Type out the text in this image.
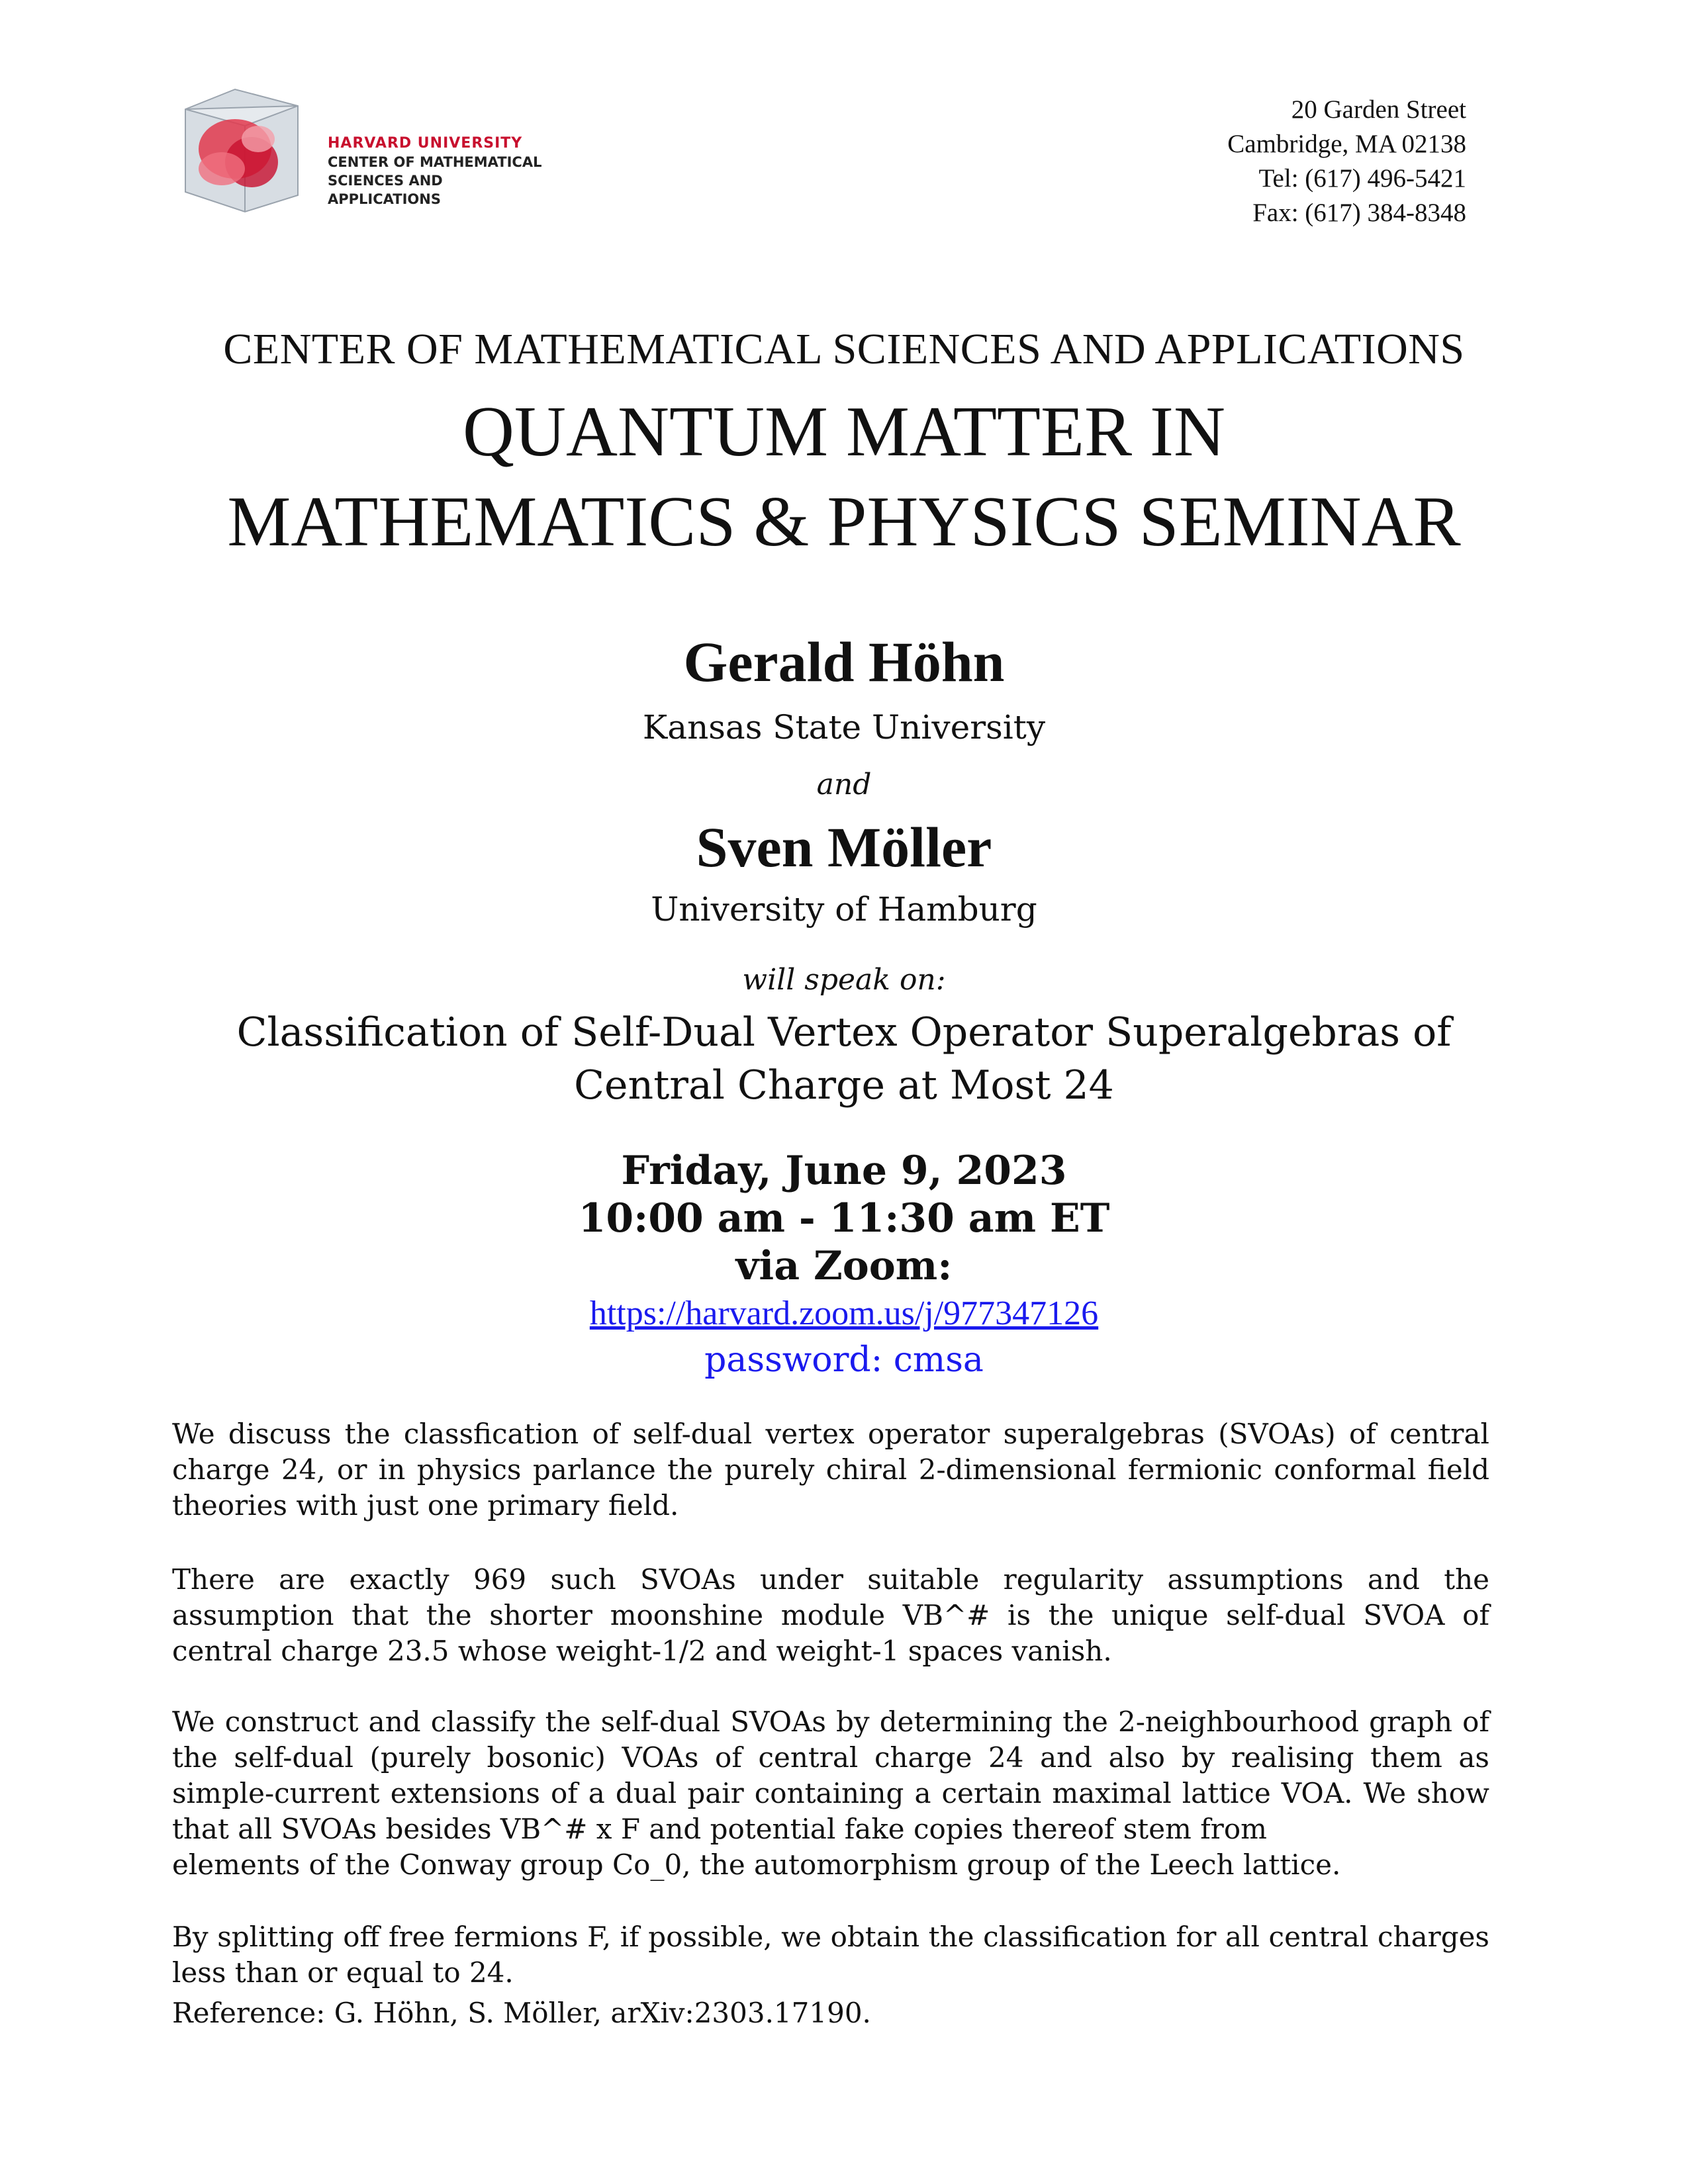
HARVARD UNIVERSITY
CENTER OF MATHEMATICAL
SCIENCES AND APPLICATIONS
20 Garden Street
Cambridge, MA 02138
Tel: (617) 496-5421
Fax: (617) 384-8348
CENTER OF MATHEMATICAL SCIENCES AND APPLICATIONS
QUANTUM MATTER IN
MATHEMATICS & PHYSICS SEMINAR
Gerald Höhn
Kansas State University
and
Sven Möller
University of Hamburg
will speak on:
Classification of Self-Dual Vertex Operator Superalgebras of
Central Charge at Most 24
Friday, June 9, 2023
10:00 am - 11:30 am ET
via Zoom:
https://harvard.zoom.us/j/977347126
password: cmsa
We discuss the classfication of self-dual vertex operator superalgebras (SVOAs) of central charge 24, or in physics parlance the purely chiral 2-dimensional fermionic conformal field theories with just one primary field.
There are exactly 969 such SVOAs under suitable regularity assumptions and the assumption that the shorter moonshine module VB^# is the unique self-dual SVOA of central charge 23.5 whose weight-1/2 and weight-1 spaces vanish.
We construct and classify the self-dual SVOAs by determining the 2-neighbourhood graph of the self-dual (purely bosonic) VOAs of central charge 24 and also by realising them as simple-current extensions of a dual pair containing a certain maximal lattice VOA. We show that all SVOAs besides VB^# x F and potential fake copies thereof stem from
elements of the Conway group Co_0, the automorphism group of the Leech lattice.
By splitting off free fermions F, if possible, we obtain the classification for all central charges less than or equal to 24.
Reference: G. Höhn, S. Möller, arXiv:2303.17190.
